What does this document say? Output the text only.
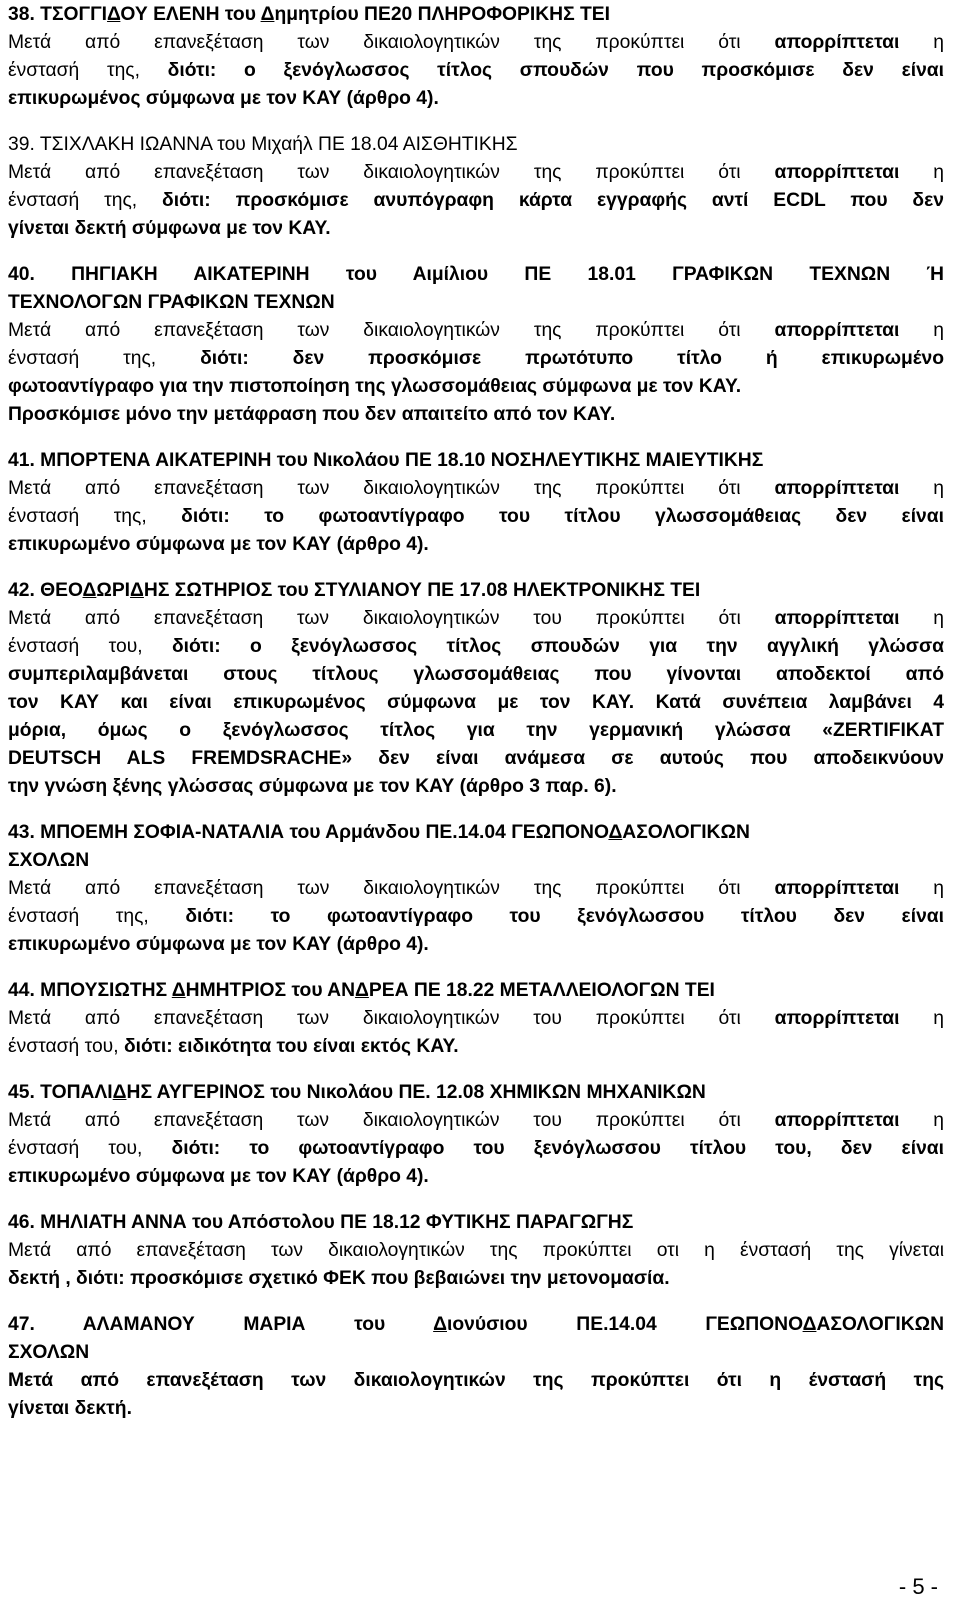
38. ΤΣΟΓΓΙΔΟΥ ΕΛΕΝΗ του Δημητρίου ΠΕ20 ΠΛΗΡΟΦΟΡΙΚΗΣ ΤΕΙ
Μετά από επανεξέταση των δικαιολογητικών της προκύπτει ότι απορρίπτεται η
ένστασή της, διότι: ο ξενόγλωσσος τίτλος σπουδών που προσκόμισε δεν είναι
επικυρωμένος σύμφωνα με τον ΚΑΥ (άρθρο 4).
39. ΤΣΙΧΛΑΚΗ ΙΩΑΝΝΑ του Μιχαήλ ΠΕ 18.04 ΑΙΣΘΗΤΙΚΗΣ
Μετά από επανεξέταση των δικαιολογητικών της προκύπτει ότι απορρίπτεται η
ένστασή της, διότι: προσκόμισε ανυπόγραφη κάρτα εγγραφής αντί ECDL που δεν
γίνεται δεκτή σύμφωνα με τον ΚΑΥ.
40. ΠΗΓΙΑΚΗ ΑΙΚΑΤΕΡΙΝΗ του Αιμίλιου ΠΕ 18.01 ΓΡΑΦΙΚΩΝ ΤΕΧΝΩΝ Ή
ΤΕΧΝΟΛΟΓΩΝ ΓΡΑΦΙΚΩΝ ΤΕΧΝΩΝ
Μετά από επανεξέταση των δικαιολογητικών της προκύπτει ότι απορρίπτεται η
ένστασή της, διότι: δεν προσκόμισε πρωτότυπο τίτλο ή επικυρωμένο
φωτοαντίγραφο για την πιστοποίηση της γλωσσομάθειας σύμφωνα με τον ΚΑΥ.
Προσκόμισε μόνο την μετάφραση που δεν απαιτείτο από τον ΚΑΥ.
41. ΜΠΟΡΤΕΝΑ ΑΙΚΑΤΕΡΙΝΗ του Νικολάου ΠΕ 18.10 ΝΟΣΗΛΕΥΤΙΚΗΣ ΜΑΙΕΥΤΙΚΗΣ
Μετά από επανεξέταση των δικαιολογητικών της προκύπτει ότι απορρίπτεται η
ένστασή της, διότι: το φωτοαντίγραφο του τίτλου γλωσσομάθειας δεν είναι
επικυρωμένο σύμφωνα με τον ΚΑΥ (άρθρο 4).
42. ΘΕΟΔΩΡΙΔΗΣ ΣΩΤΗΡΙΟΣ του ΣΤΥΛΙΑΝΟΥ ΠΕ 17.08 ΗΛΕΚΤΡΟΝΙΚΗΣ ΤΕΙ
Μετά από επανεξέταση των δικαιολογητικών του προκύπτει ότι απορρίπτεται η
ένστασή του, διότι: ο ξενόγλωσσος τίτλος σπουδών για την αγγλική γλώσσα
συμπεριλαμβάνεται στους τίτλους γλωσσομάθειας που γίνονται αποδεκτοί από
τον ΚΑΥ και είναι επικυρωμένος σύμφωνα με τον ΚΑΥ. Κατά συνέπεια λαμβάνει 4
μόρια, όμως ο ξενόγλωσσος τίτλος για την γερμανική γλώσσα «ZERTIFIKAT
DEUTSCH ALS FREMDSRACHE» δεν είναι ανάμεσα σε αυτούς που αποδεικνύουν
την γνώση ξένης γλώσσας σύμφωνα με τον ΚΑΥ (άρθρο 3 παρ. 6).
43. ΜΠΟΕΜΗ ΣΟΦΙΑ-ΝΑΤΑΛΙΑ του Αρμάνδου ΠΕ.14.04 ΓΕΩΠΟΝΟΔΑΣΟΛΟΓΙΚΩΝ
ΣΧΟΛΩΝ
Μετά από επανεξέταση των δικαιολογητικών της προκύπτει ότι απορρίπτεται η
ένστασή της, διότι: το φωτοαντίγραφο του ξενόγλωσσου τίτλου δεν είναι
επικυρωμένο σύμφωνα με τον ΚΑΥ (άρθρο 4).
44. ΜΠΟΥΣΙΩΤΗΣ ΔΗΜΗΤΡΙΟΣ του ΑΝΔΡΕΑ ΠΕ 18.22 ΜΕΤΑΛΛΕΙΟΛΟΓΩΝ ΤΕΙ
Μετά από επανεξέταση των δικαιολογητικών του προκύπτει ότι απορρίπτεται η
ένστασή του, διότι: ειδικότητα του είναι εκτός ΚΑΥ.
45. ΤΟΠΑΛΙΔΗΣ ΑΥΓΕΡΙΝΟΣ του Νικολάου ΠΕ. 12.08 ΧΗΜΙΚΩΝ ΜΗΧΑΝΙΚΩΝ
Μετά από επανεξέταση των δικαιολογητικών του προκύπτει ότι απορρίπτεται η
ένστασή του, διότι: το φωτοαντίγραφο του ξενόγλωσσου τίτλου του, δεν είναι
επικυρωμένο σύμφωνα με τον ΚΑΥ (άρθρο 4).
46. ΜΗΛΙΑΤΗ ΑΝΝΑ του Απόστολου ΠΕ 18.12 ΦΥΤΙΚΗΣ ΠΑΡΑΓΩΓΗΣ
Μετά από επανεξέταση των δικαιολογητικών της προκύπτει οτι η ένστασή της γίνεται
δεκτή , διότι: προσκόμισε σχετικό ΦΕΚ που βεβαιώνει την μετονομασία.
47. ΑΛΑΜΑΝΟΥ ΜΑΡΙΑ του Διονύσιου ΠΕ.14.04 ΓΕΩΠΟΝΟΔΑΣΟΛΟΓΙΚΩΝ
ΣΧΟΛΩΝ
Μετά από επανεξέταση των δικαιολογητικών της προκύπτει ότι η ένστασή της
γίνεται δεκτή.
- 5 -
